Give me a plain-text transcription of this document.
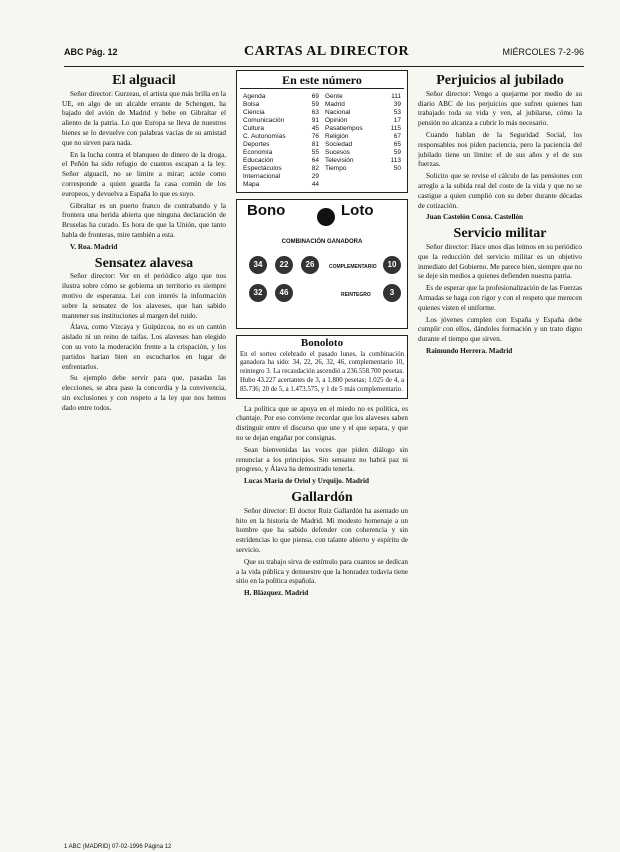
ABC Pág. 12	CARTAS AL DIRECTOR	MIÉRCOLES 7-2-96
El alguacil

Señor director: Gurzeau, el artista que más brilla en la UE, en algo de un alcalde errante de Schengen, ha bajado del avión de Madrid y bebe en Gibraltar el aliento de la patria. Lo que Europa se lleva de nuestros bienes se lo devuelve con palabras vacías de su amistad que no sirven para nada.

En la lucha contra el blanqueo de dinero de la droga, el Peñón ha sido refugio de cuantos escapan a la ley. Señor alguacil, no se limite a mirar; actúe como corresponde a quien guarda la casa común de los europeos, y devuelva a España lo que es suyo.

Gibraltar es un puerto franco de contrabando y la frontera una herida abierta que ninguna declaración de Bruselas ha curado. Es hora de que la Unión, que tanto habla de fronteras, mire también a esta.

V. Roa. Madrid

Sensatez alavesa

Señor director: Ver en el periódico algo que nos ilustra sobre cómo se gobierna un territorio es siempre motivo de esperanza. Leí con interés la información sobre la sensatez de los alaveses, que han sabido mantener sus instituciones al margen del ruido.

Álava, como Vizcaya y Guipúzcoa, no es un cantón aislado ni un reino de taifas. Los alaveses han elegido con su voto la moderación frente a la crispación, y los partidos harían bien en escucharlos en lugar de enfrentarlos.

Su ejemplo debe servir para que, pasadas las elecciones, se abra paso la concordia y la convivencia, sin exclusiones y con respeto a la ley que nos hemos dado entre todos.

En este número
Agenda	69
Bolsa	59
Ciencia	63
Comunicación	91
Cultura	45
C. Autonomías	76
Deportes	81
Economía	55
Educación	64
Espectáculos	82
Internacional	29
Mapa	44
Gente	111
Madrid	39
Nacional	53
Opinión	17
Pasatiempos	115
Religión	67
Sociedad	65
Sucesos	59
Televisión	113
Tiempo	50
Bono	Loto
COMBINACIÓN GANADORA
34	22	26
32	46
COMPLEMENTARIO	10
REINTEGRO	3
Bonoloto
En el sorteo celebrado el pasado lunes, la combinación ganadora ha sido: 34, 22, 26, 32, 46, complementario 10, reintegro 3. La recaudación ascendió a 236.558.700 pesetas. Hubo 43.227 acertantes de 3, a 1.800 pesetas; 1.025 de 4, a 85.736; 20 de 5, a 1.473.575, y 1 de 5 más complementario.

La política que se apoya en el miedo no es política, es chantaje. Por eso conviene recordar que los alaveses saben distinguir entre el discurso que une y el que separa, y que no se dejan engañar por consignas.

Sean bienvenidas las voces que piden diálogo sin renunciar a los principios. Sin sensatez no habrá paz ni progreso, y Álava ha demostrado tenerla.

Lucas María de Oriol y Urquijo. Madrid

Gallardón

Señor director: El doctor Ruiz Gallardón ha asentado un hito en la historia de Madrid. Mi modesto homenaje a un hombre que ha sabido defender con coherencia y sin estridencias lo que piensa, con talante abierto y espíritu de servicio.

Que su trabajo sirva de estímulo para cuantos se dedican a la vida pública y demuestre que la honradez todavía tiene sitio en la política española.

H. Blázquez. Madrid

Perjuicios al jubilado

Señor director: Vengo a quejarme por medio de su diario ABC de los perjuicios que sufren quienes han trabajado toda su vida y ven, al jubilarse, cómo la pensión no alcanza a cubrir lo más necesario.

Cuando hablan de la Seguridad Social, los responsables nos piden paciencia, pero la paciencia del jubilado tiene un límite: el de sus años y el de sus fuerzas.

Solicito que se revise el cálculo de las pensiones con arreglo a la subida real del coste de la vida y que no se castigue a quien cumplió con su deber durante décadas de cotización.

Juan Castelón Consa. Castellón

Servicio militar

Señor director: Hace unos días leímos en su periódico que la reducción del servicio militar es un objetivo inmediato del Gobierno. Me parece bien, siempre que no se deje sin medios a quienes defienden nuestra patria.

Es de esperar que la profesionalización de las Fuerzas Armadas se haga con rigor y con el respeto que merecen quienes visten el uniforme.

Los jóvenes cumplen con España y España debe cumplir con ellos, dándoles formación y un trato digno durante el tiempo que sirven.

Raimundo Herrera. Madrid

1 ABC (MADRID) 07-02-1996 Página 12
